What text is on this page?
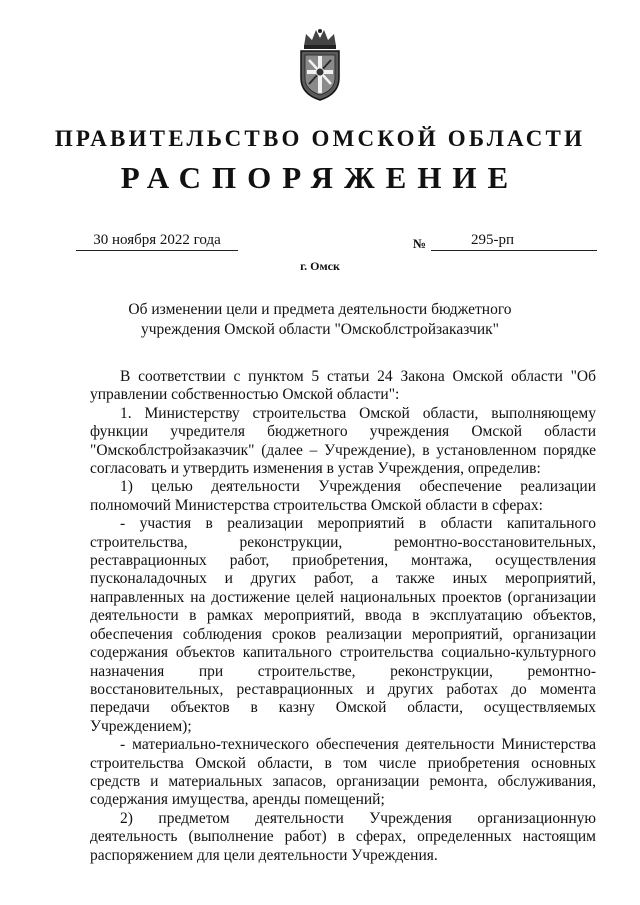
ПРАВИТЕЛЬСТВО ОМСКОЙ ОБЛАСТИ
РАСПОРЯЖЕНИЕ
30 ноября 2022 года	№	295-рп
г. Омск
Об изменении цели и предмета деятельности бюджетного учреждения Омской области "Омскоблстройзаказчик"

В соответствии с пунктом 5 статьи 24 Закона Омской области "Об управлении собственностью Омской области":

1. Министерству строительства Омской области, выполняющему функции учредителя бюджетного учреждения Омской области "Омскоблстройзаказчик" (далее – Учреждение), в установленном порядке согласовать и утвердить изменения в устав Учреждения, определив:

1) целью деятельности Учреждения обеспечение реализации полномочий Министерства строительства Омской области в сферах:

- участия в реализации мероприятий в области капитального строительства, реконструкции, ремонтно-восстановительных, реставрационных работ, приобретения, монтажа, осуществления пусконаладочных и других работ, а также иных мероприятий, направленных на достижение целей национальных проектов (организации деятельности в рамках мероприятий, ввода в эксплуатацию объектов, обеспечения соблюдения сроков реализации мероприятий, организации содержания объектов капитального строительства социально-культурного назначения при строительстве, реконструкции, ремонтно-восстановительных, реставрационных и других работах до момента передачи объектов в казну Омской области, осуществляемых Учреждением);

- материально-технического обеспечения деятельности Министерства строительства Омской области, в том числе приобретения основных средств и материальных запасов, организации ремонта, обслуживания, содержания имущества, аренды помещений;

2) предметом деятельности Учреждения организационную деятельность (выполнение работ) в сферах, определенных настоящим распоряжением для цели деятельности Учреждения.
